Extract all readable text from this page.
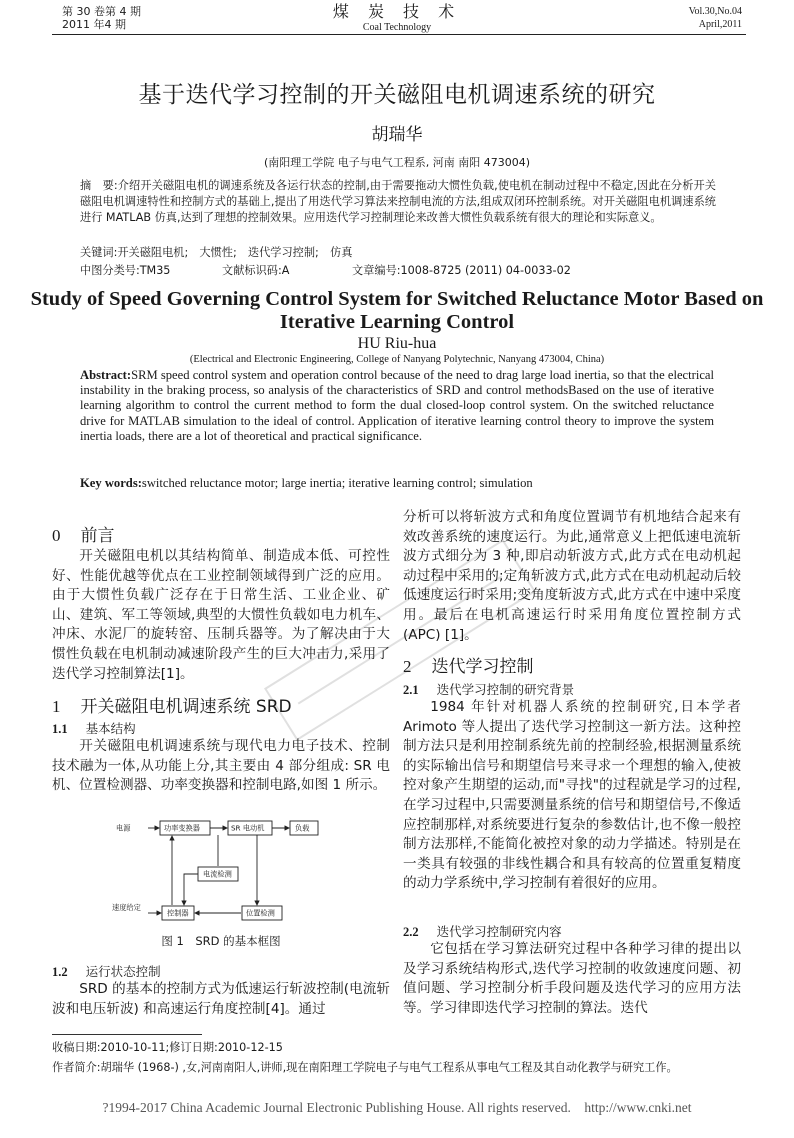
第 30 卷第 4 期
2011 年4 期
煤 炭 技 术
Coal Technology
Vol.30,No.04
April,2011
基于迭代学习控制的开关磁阻电机调速系统的研究
胡瑞华
(南阳理工学院 电子与电气工程系, 河南 南阳 473004)

摘　要:介绍开关磁阻电机的调速系统及各运行状态的控制,由于需要拖动大惯性负载,使电机在制动过程中不稳定,因此在分析开关磁阻电机调速特性和控制方式的基础上,提出了用迭代学习算法来控制电流的方法,组成双闭环控制系统。对开关磁阻电机调速系统进行 MATLAB 仿真,达到了理想的控制效果。应用迭代学习控制理论来改善大惯性负载系统有很大的理论和实际意义。

关键词:开关磁阻电机;　大惯性;　迭代学习控制;　仿真
中图分类号:TM35	文献标识码:A	文章编号:1008-8725 (2011) 04-0033-02
Study of Speed Governing Control System for Switched Reluctance Motor Based on Iterative Learning Control
HU Riu-hua
(Electrical and Electronic Engineering, College of Nanyang Polytechnic, Nanyang 473004, China)

Abstract:SRM speed control system and operation control because of the need to drag large load inertia, so that the electrical instability in the braking process, so analysis of the characteristics of SRD and control methodsBased on the use of iterative learning algorithm to control the current method to form the dual closed-loop control system. On the switched reluctance drive for MATLAB simulation to the ideal of control. Application of iterative learning control theory to improve the system inertia loads, there are a lot of theoretical and practical significance.

Key words:switched reluctance motor; large inertia; iterative learning control; simulation

0 前言

开关磁阻电机以其结构简单、制造成本低、可控性好、性能优越等优点在工业控制领域得到广泛的应用。由于大惯性负载广泛存在于日常生活、工业企业、矿山、建筑、军工等领域,典型的大惯性负载如电力机车、冲床、水泥厂的旋转窑、压制兵器等。为了解决由于大惯性负载在电机制动减速阶段产生的巨大冲击力,采用了迭代学习控制算法[1]。

1 开关磁阻电机调速系统 SRD
1.1 基本结构

开关磁阻电机调速系统与现代电力电子技术、控制技术融为一体,从功能上分,其主要由 4 部分组成: SR 电机、位置检测器、功率变换器和控制电路,如图 1 所示。

电源	功率变换器	SR 电动机	负载
电流检测
速度给定
控制器	位置检测
图 1　SRD 的基本框图
1.2 运行状态控制

SRD 的基本的控制方式为低速运行斩波控制(电流斩波和电压斩波) 和高速运行角度控制[4]。通过

分析可以将斩波方式和角度位置调节有机地结合起来有效改善系统的速度运行。为此,通常意义上把低速电流斩波方式细分为 3 种,即启动斩波方式,此方式在电动机起动过程中采用的;定角斩波方式,此方式在电动机起动后较低速度运行时采用;变角度斩波方式,此方式在中速中采度用。最后在电机高速运行时采用角度位置控制方式 (APC) [1]。

2 迭代学习控制
2.1 迭代学习控制的研究背景

1984 年针对机器人系统的控制研究,日本学者 Arimoto 等人提出了迭代学习控制这一新方法。这种控制方法只是利用控制系统先前的控制经验,根据测量系统的实际输出信号和期望信号来寻求一个理想的输入,使被控对象产生期望的运动,而"寻找"的过程就是学习的过程,在学习过程中,只需要测量系统的信号和期望信号,不像适应控制那样,对系统要进行复杂的参数估计,也不像一般控制方法那样,不能简化被控对象的动力学描述。特别是在一类具有较强的非线性耦合和具有较高的位置重复精度的动力学系统中,学习控制有着很好的应用。

2.2 迭代学习控制研究内容

它包括在学习算法研究过程中各种学习律的提出以及学习系统结构形式,迭代学习控制的收敛速度问题、初值问题、学习控制分析手段问题及迭代学习的应用方法等。学习律即迭代学习控制的算法。迭代

收稿日期:2010-10-11;修订日期:2010-12-15
作者简介:胡瑞华 (1968-) ,女,河南南阳人,讲师,现在南阳理工学院电子与电气工程系从事电气工程及其自动化教学与研究工作。
?1994-2017 China Academic Journal Electronic Publishing House. All rights reserved.　http://www.cnki.net
